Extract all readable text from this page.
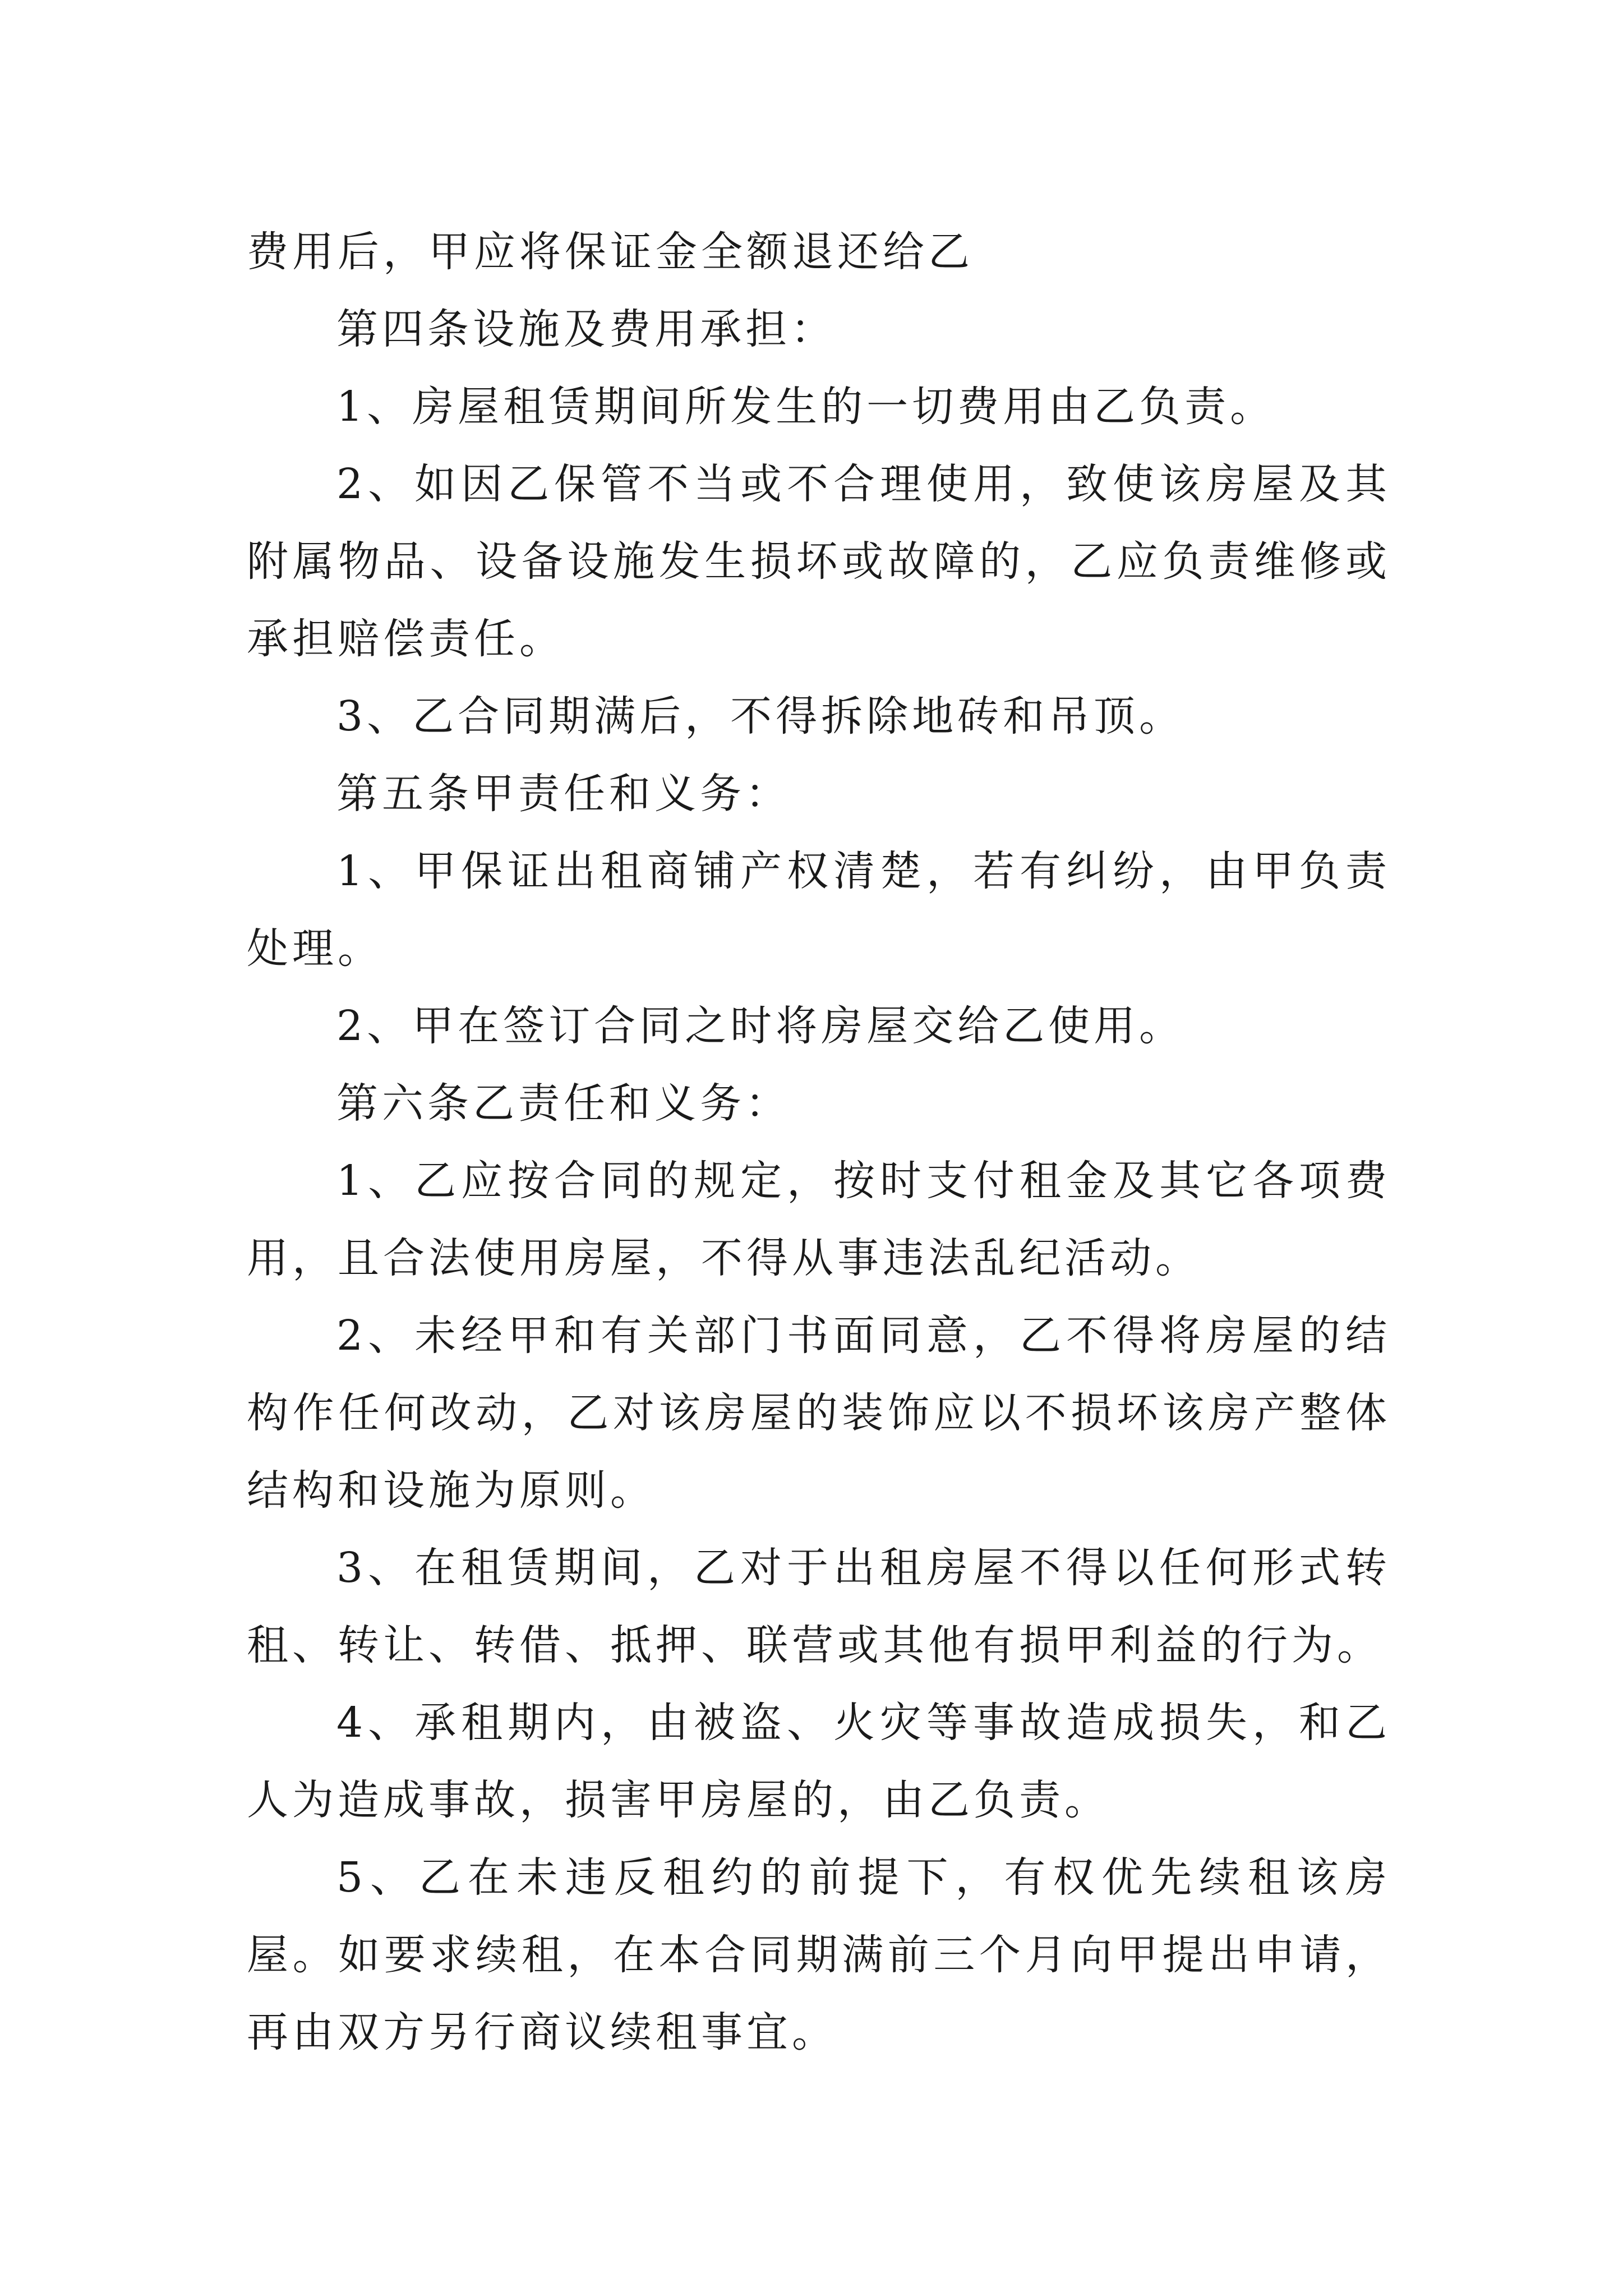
费用后，甲应将保证金全额退还给乙

第四条设施及费用承担：

1、房屋租赁期间所发生的一切费用由乙负责。

2、如因乙保管不当或不合理使用，致使该房屋及其附属物品、设备设施发生损坏或故障的，乙应负责维修或承担赔偿责任。

3、乙合同期满后，不得拆除地砖和吊顶。

第五条甲责任和义务：

1、甲保证出租商铺产权清楚，若有纠纷，由甲负责处理。

2、甲在签订合同之时将房屋交给乙使用。

第六条乙责任和义务：

1、乙应按合同的规定，按时支付租金及其它各项费用，且合法使用房屋，不得从事违法乱纪活动。

2、未经甲和有关部门书面同意，乙不得将房屋的结构作任何改动，乙对该房屋的装饰应以不损坏该房产整体结构和设施为原则。

3、在租赁期间，乙对于出租房屋不得以任何形式转租、转让、转借、抵押、联营或其他有损甲利益的行为。

4、承租期内，由被盗、火灾等事故造成损失，和乙人为造成事故，损害甲房屋的，由乙负责。

5、乙在未违反租约的前提下，有权优先续租该房屋。如要求续租，在本合同期满前三个月向甲提出申请，再由双方另行商议续租事宜。
